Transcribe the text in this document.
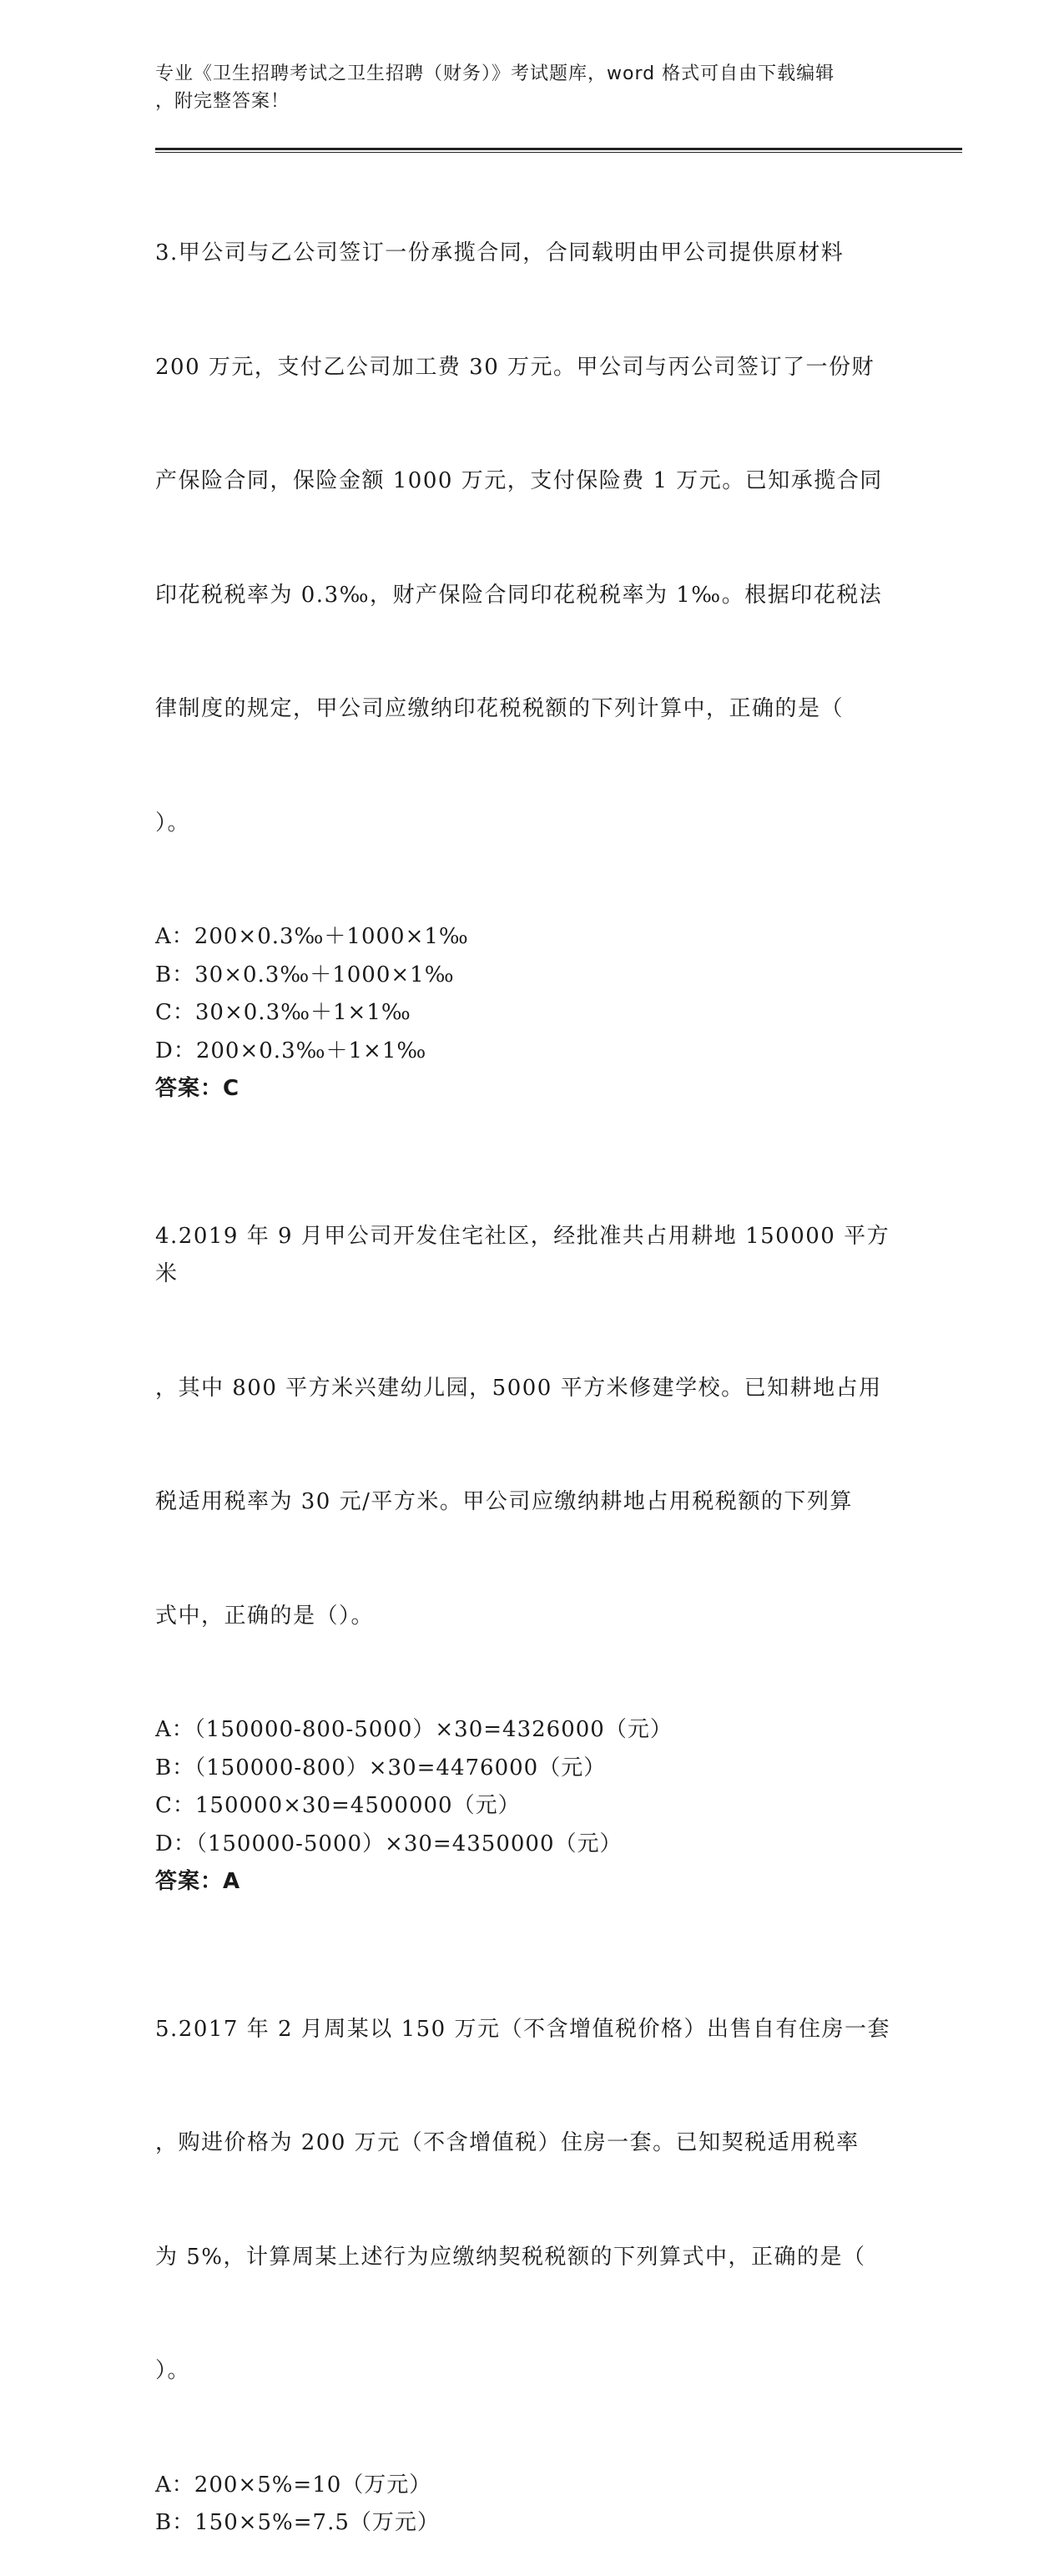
专业《卫生招聘考试之卫生招聘（财务）》考试题库，word 格式可自由下载编辑
，附完整答案！

3.甲公司与乙公司签订一份承揽合同，合同载明由甲公司提供原材料

200 万元，支付乙公司加工费 30 万元。甲公司与丙公司签订了一份财

产保险合同，保险金额 1000 万元，支付保险费 1 万元。已知承揽合同

印花税税率为 0.3‰，财产保险合同印花税税率为 1‰。根据印花税法

律制度的规定，甲公司应缴纳印花税税额的下列计算中，正确的是（

）。

A：200×0.3‰＋1000×1‰
B：30×0.3‰＋1000×1‰
C：30×0.3‰＋1×1‰
D：200×0.3‰＋1×1‰
答案：C

4.2019 年 9 月甲公司开发住宅社区，经批准共占用耕地 150000 平方米

，其中 800 平方米兴建幼儿园，5000 平方米修建学校。已知耕地占用

税适用税率为 30 元/平方米。甲公司应缴纳耕地占用税税额的下列算

式中，正确的是（）。

A：（150000-800-5000）×30=4326000（元）
B：（150000-800）×30=4476000（元）
C：150000×30=4500000（元）
D：（150000-5000）×30=4350000（元）
答案：A

5.2017 年 2 月周某以 150 万元（不含增值税价格）出售自有住房一套

，购进价格为 200 万元（不含增值税）住房一套。已知契税适用税率

为 5%，计算周某上述行为应缴纳契税税额的下列算式中，正确的是（

）。

A：200×5%=10（万元）
B：150×5%=7.5（万元）
